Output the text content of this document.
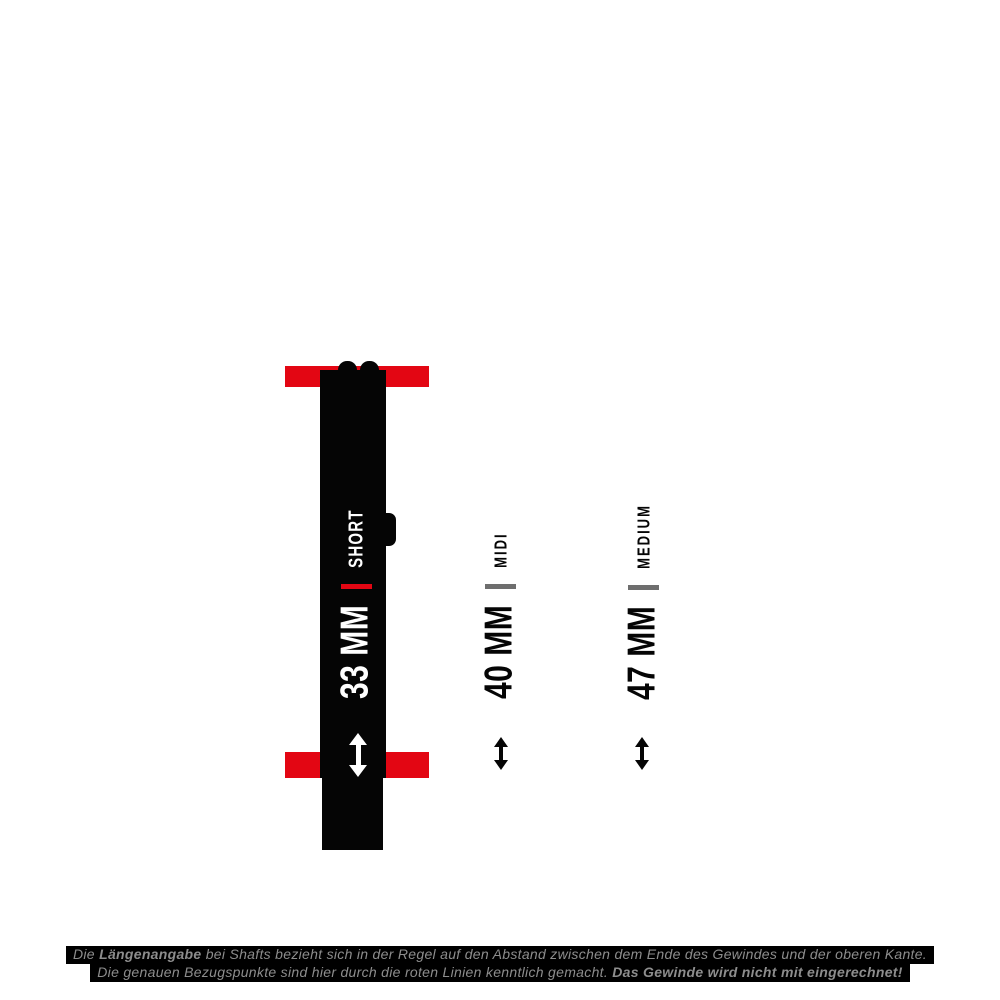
33 MM
SHORT
40 MM
MIDI
47 MM
MEDIUM
Die Längenangabe bei Shafts bezieht sich in der Regel auf den Abstand zwischen dem Ende des Gewindes und der oberen Kante.
Die genauen Bezugspunkte sind hier durch die roten Linien kenntlich gemacht. Das Gewinde wird nicht mit eingerechnet!
